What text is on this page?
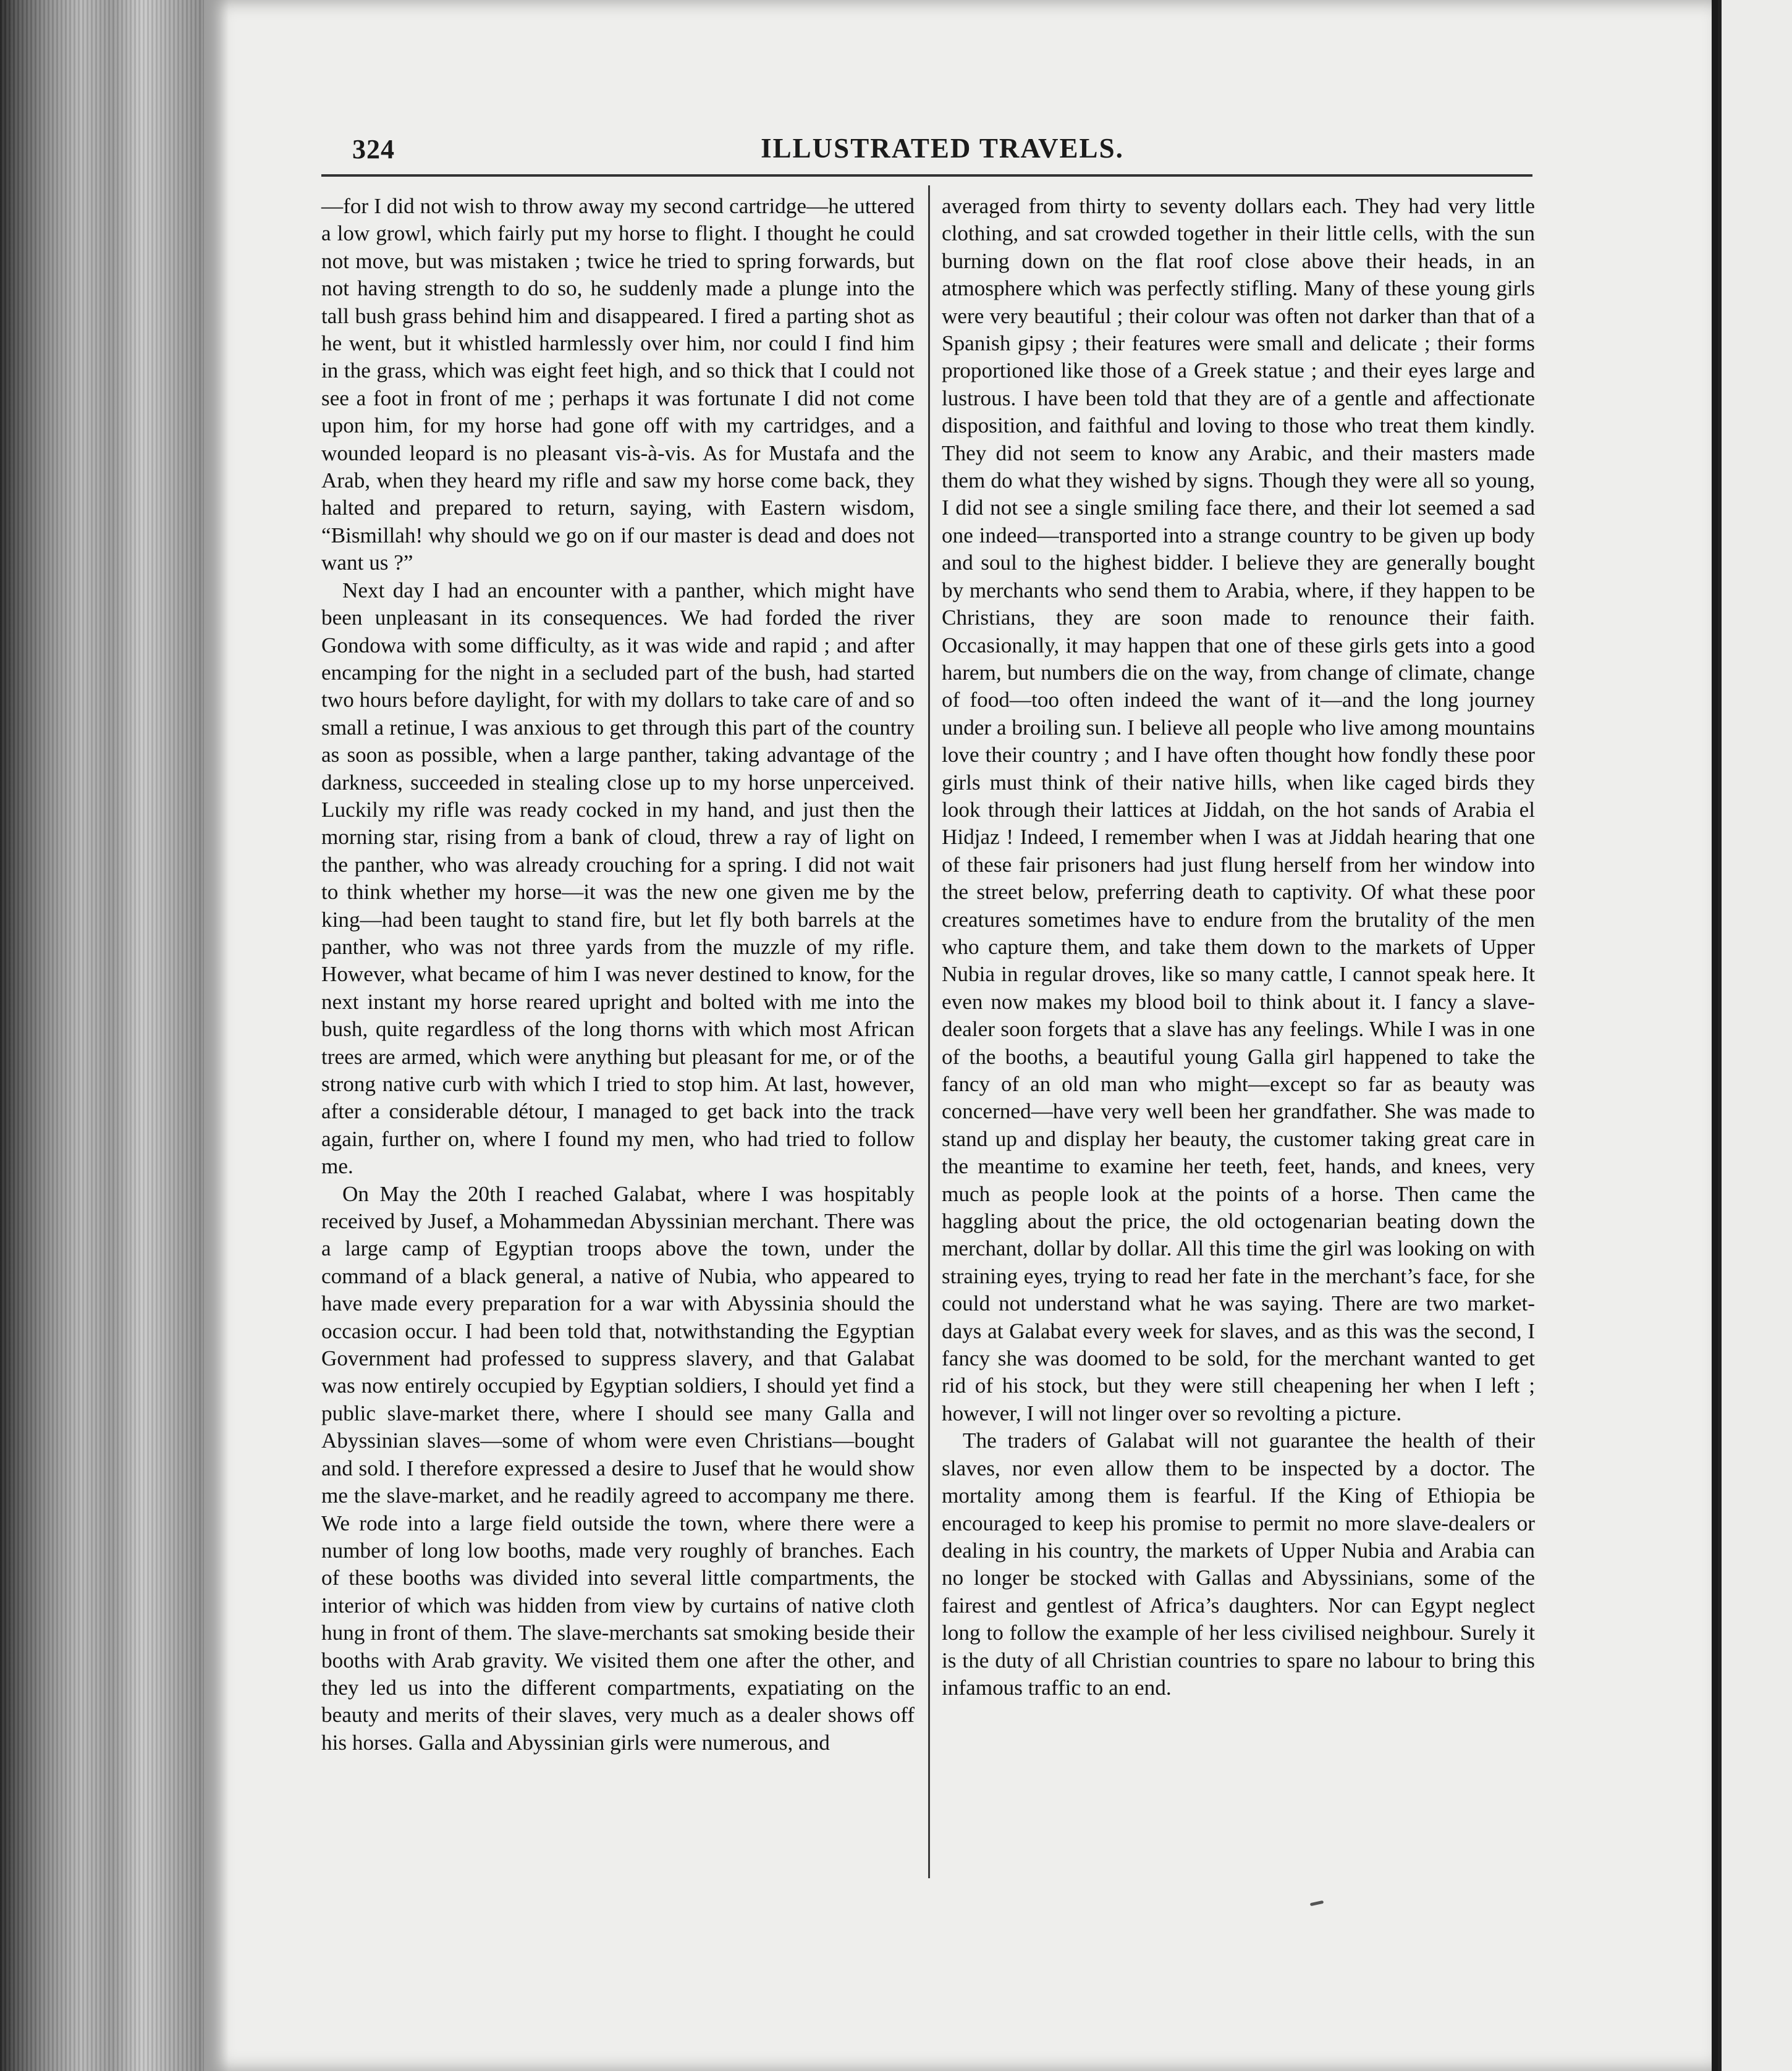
324	ILLUSTRATED TRAVELS.

—for I did not wish to throw away my second cartridge—he uttered a low growl, which fairly put my horse to flight. I thought he could not move, but was mistaken ; twice he tried to spring forwards, but not having strength to do so, he suddenly made a plunge into the tall bush grass behind him and disappeared. I fired a parting shot as he went, but it whistled harmlessly over him, nor could I find him in the grass, which was eight feet high, and so thick that I could not see a foot in front of me ; perhaps it was fortunate I did not come upon him, for my horse had gone off with my cartridges, and a wounded leopard is no pleasant vis-à-vis. As for Mustafa and the Arab, when they heard my rifle and saw my horse come back, they halted and prepared to return, saying, with Eastern wisdom, “Bismillah! why should we go on if our master is dead and does not want us ?”

Next day I had an encounter with a panther, which might have been unpleasant in its consequences. We had forded the river Gondowa with some difficulty, as it was wide and rapid ; and after encamping for the night in a secluded part of the bush, had started two hours before daylight, for with my dollars to take care of and so small a retinue, I was anxious to get through this part of the country as soon as possible, when a large panther, taking advantage of the darkness, succeeded in stealing close up to my horse unperceived. Luckily my rifle was ready cocked in my hand, and just then the morning star, rising from a bank of cloud, threw a ray of light on the panther, who was already crouching for a spring. I did not wait to think whether my horse—it was the new one given me by the king—had been taught to stand fire, but let fly both barrels at the panther, who was not three yards from the muzzle of my rifle. However, what became of him I was never destined to know, for the next instant my horse reared upright and bolted with me into the bush, quite regardless of the long thorns with which most African trees are armed, which were anything but pleasant for me, or of the strong native curb with which I tried to stop him. At last, however, after a considerable détour, I managed to get back into the track again, further on, where I found my men, who had tried to follow me.

On May the 20th I reached Galabat, where I was hospitably received by Jusef, a Mohammedan Abyssinian merchant. There was a large camp of Egyptian troops above the town, under the command of a black general, a native of Nubia, who appeared to have made every preparation for a war with Abyssinia should the occasion occur. I had been told that, notwithstanding the Egyptian Government had professed to suppress slavery, and that Galabat was now entirely occupied by Egyptian soldiers, I should yet find a public slave-market there, where I should see many Galla and Abyssinian slaves—some of whom were even Christians—bought and sold. I therefore expressed a desire to Jusef that he would show me the slave-market, and he readily agreed to accompany me there. We rode into a large field outside the town, where there were a number of long low booths, made very roughly of branches. Each of these booths was divided into several little compartments, the interior of which was hidden from view by curtains of native cloth hung in front of them. The slave-merchants sat smoking beside their booths with Arab gravity. We visited them one after the other, and they led us into the different compartments, expatiating on the beauty and merits of their slaves, very much as a dealer shows off his horses. Galla and Abyssinian girls were numerous, and

averaged from thirty to seventy dollars each. They had very little clothing, and sat crowded together in their little cells, with the sun burning down on the flat roof close above their heads, in an atmosphere which was perfectly stifling. Many of these young girls were very beautiful ; their colour was often not darker than that of a Spanish gipsy ; their features were small and delicate ; their forms proportioned like those of a Greek statue ; and their eyes large and lustrous. I have been told that they are of a gentle and affectionate disposition, and faithful and loving to those who treat them kindly. They did not seem to know any Arabic, and their masters made them do what they wished by signs. Though they were all so young, I did not see a single smiling face there, and their lot seemed a sad one indeed—transported into a strange country to be given up body and soul to the highest bidder. I believe they are generally bought by merchants who send them to Arabia, where, if they happen to be Christians, they are soon made to renounce their faith. Occasionally, it may happen that one of these girls gets into a good harem, but numbers die on the way, from change of climate, change of food—too often indeed the want of it—and the long journey under a broiling sun. I believe all people who live among mountains love their country ; and I have often thought how fondly these poor girls must think of their native hills, when like caged birds they look through their lattices at Jiddah, on the hot sands of Arabia el Hidjaz ! Indeed, I remember when I was at Jiddah hearing that one of these fair prisoners had just flung herself from her window into the street below, preferring death to captivity. Of what these poor creatures sometimes have to endure from the brutality of the men who capture them, and take them down to the markets of Upper Nubia in regular droves, like so many cattle, I cannot speak here. It even now makes my blood boil to think about it. I fancy a slave-dealer soon forgets that a slave has any feelings. While I was in one of the booths, a beautiful young Galla girl happened to take the fancy of an old man who might—except so far as beauty was concerned—have very well been her grandfather. She was made to stand up and display her beauty, the customer taking great care in the meantime to examine her teeth, feet, hands, and knees, very much as people look at the points of a horse. Then came the haggling about the price, the old octogenarian beating down the merchant, dollar by dollar. All this time the girl was looking on with straining eyes, trying to read her fate in the merchant’s face, for she could not understand what he was saying. There are two market-days at Galabat every week for slaves, and as this was the second, I fancy she was doomed to be sold, for the merchant wanted to get rid of his stock, but they were still cheapening her when I left ; however, I will not linger over so revolting a picture.

The traders of Galabat will not guarantee the health of their slaves, nor even allow them to be inspected by a doctor. The mortality among them is fearful. If the King of Ethiopia be encouraged to keep his promise to permit no more slave-dealers or dealing in his country, the markets of Upper Nubia and Arabia can no longer be stocked with Gallas and Abyssinians, some of the fairest and gentlest of Africa’s daughters. Nor can Egypt neglect long to follow the example of her less civilised neighbour. Surely it is the duty of all Christian countries to spare no labour to bring this infamous traffic to an end.
